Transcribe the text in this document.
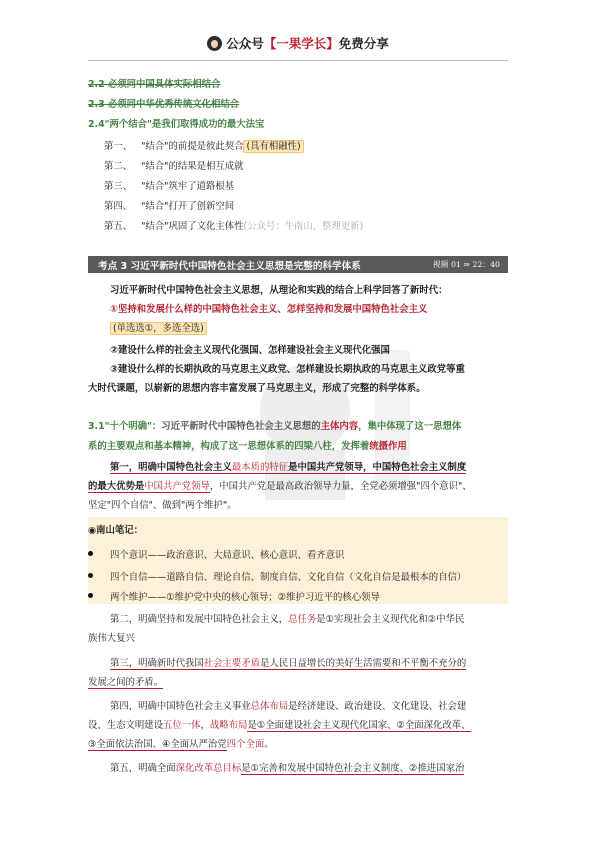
公众号【一果学长】免费分享
2.2 必须同中国具体实际相结合
2.3 必须同中华优秀传统文化相结合
2.4"两个结合"是我们取得成功的最大法宝
第一、 "结合"的前提是彼此契合 (具有相融性)
第二、 "结合"的结果是相互成就
第三、 "结合"筑牢了道路根基
第四、 "结合"打开了创新空间
第五、 "结合"巩固了文化主体性(公众号：牛南山，整理更新)
考点 3 习近平新时代中国特色社会主义思想是完整的科学体系	视频 01 ⇒ 22：40
习近平新时代中国特色社会主义思想，从理论和实践的结合上科学回答了新时代：
①坚持和发展什么样的中国特色社会主义、怎样坚持和发展中国特色社会主义
(单选选①，多选全选)
②建设什么样的社会主义现代化强国、怎样建设社会主义现代化强国
③建设什么样的长期执政的马克思主义政党、怎样建设长期执政的马克思主义政党等重
大时代课题，以崭新的思想内容丰富发展了马克思主义，形成了完整的科学体系。
3.1"十个明确"：习近平新时代中国特色社会主义思想的主体内容，集中体现了这一思想体
系的主要观点和基本精神，构成了这一思想体系的四梁八柱，发挥着统摄作用
第一，明确中国特色社会主义最本质的特征是中国共产党领导，中国特色社会主义制度
的最大优势是中国共产党领导，中国共产党是最高政治领导力量，全党必须增强"四个意识"、
坚定"四个自信"、做到"两个维护"。
◉南山笔记：
四个意识——政治意识、大局意识、核心意识、看齐意识
四个自信——道路自信、理论自信、制度自信、文化自信（文化自信是最根本的自信）
两个维护——①维护党中央的核心领导；②维护习近平的核心领导
第二，明确坚持和发展中国特色社会主义，总任务是①实现社会主义现代化和②中华民
族伟大复兴
第三，明确新时代我国社会主要矛盾是人民日益增长的美好生活需要和不平衡不充分的
发展之间的矛盾。
第四，明确中国特色社会主义事业总体布局是经济建设、政治建设、文化建设、社会建
设、生态文明建设五位一体，战略布局是①全面建设社会主义现代化国家、②全面深化改革、
③全面依法治国、④全面从严治党四个全面。
第五，明确全面深化改革总目标是①完善和发展中国特色社会主义制度、②推进国家治
